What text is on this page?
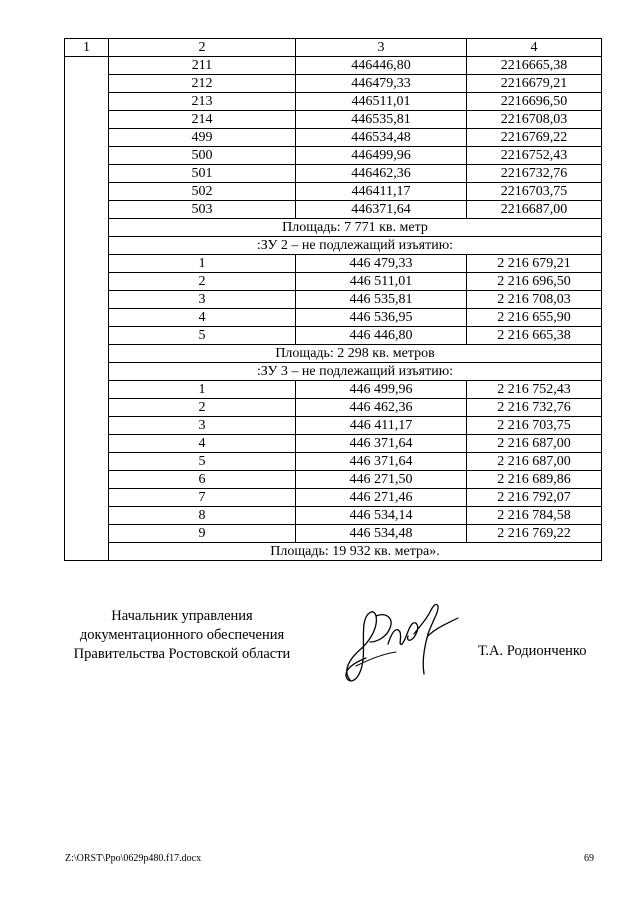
1	2	3	4
	211	446446,80	2216665,38
	212	446479,33	2216679,21
	213	446511,01	2216696,50
	214	446535,81	2216708,03
	499	446534,48	2216769,22
	500	446499,96	2216752,43
	501	446462,36	2216732,76
	502	446411,17	2216703,75
	503	446371,64	2216687,00
	Площадь: 7 771 кв. метр		
	:ЗУ 2 – не подлежащий изъятию:		
	1	446 479,33	2 216 679,21
	2	446 511,01	2 216 696,50
	3	446 535,81	2 216 708,03
	4	446 536,95	2 216 655,90
	5	446 446,80	2 216 665,38
	Площадь: 2 298 кв. метров		
	:ЗУ 3 – не подлежащий изъятию:		
	1	446 499,96	2 216 752,43
	2	446 462,36	2 216 732,76
	3	446 411,17	2 216 703,75
	4	446 371,64	2 216 687,00
	5	446 371,64	2 216 687,00
	6	446 271,50	2 216 689,86
	7	446 271,46	2 216 792,07
	8	446 534,14	2 216 784,58
	9	446 534,48	2 216 769,22
	Площадь: 19 932 кв. метра».		
Начальник управления
документационного обеспечения
Правительства Ростовской области	Т.А. Родионченко
Z:\ORST\Ppo\0629p480.f17.docx	69
